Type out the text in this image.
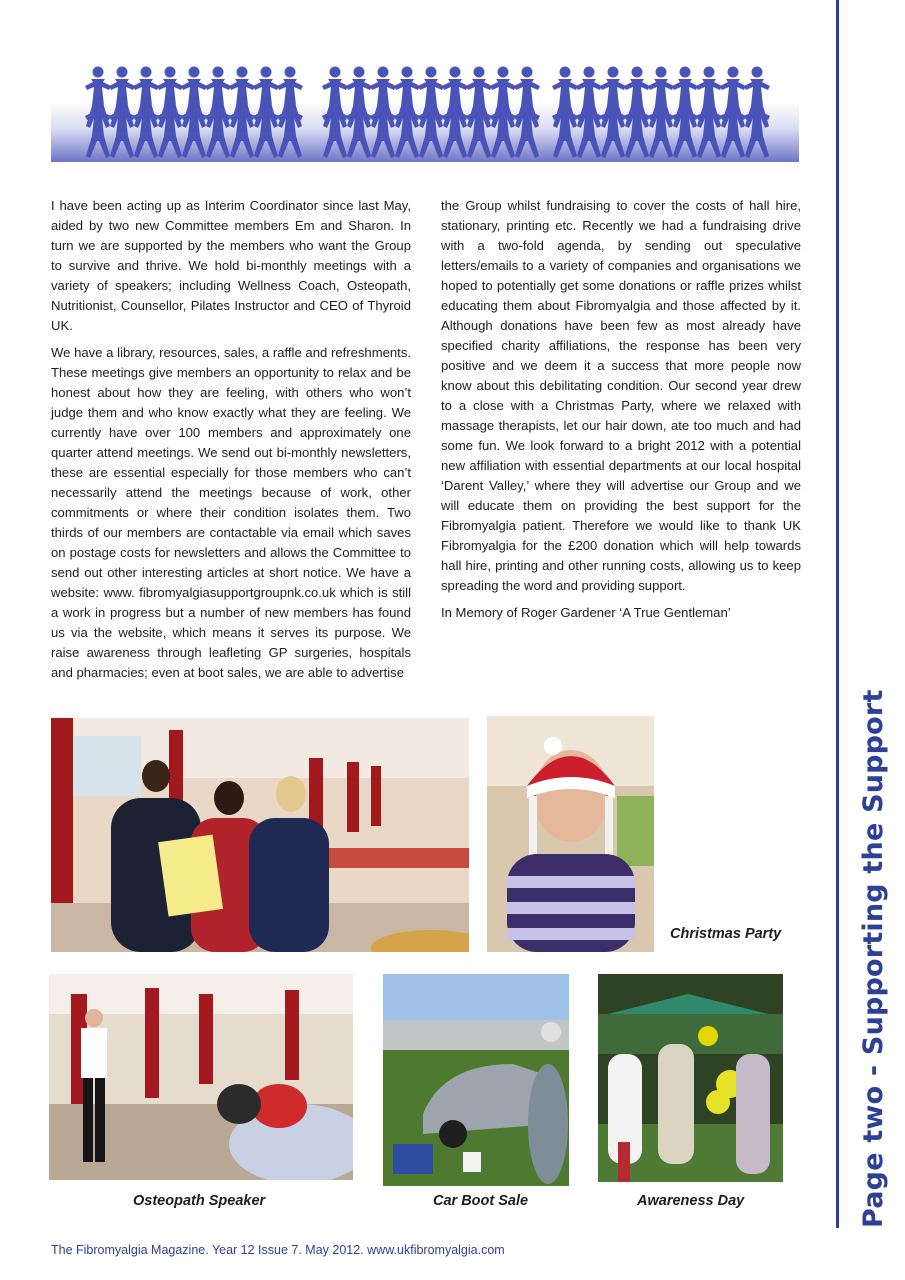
Page two - Supporting the Support

I have been acting up as Interim Coordinator since last May, aided by two new Committee members Em and Sharon. In turn we are supported by the members who want the Group to survive and thrive. We hold bi-monthly meetings with a variety of speakers; including Wellness Coach, Osteopath, Nutritionist, Counsellor, Pilates Instructor and CEO of Thyroid UK.

We have a library, resources, sales, a raffle and refreshments. These meetings give members an opportunity to relax and be honest about how they are feeling, with others who won’t judge them and who know exactly what they are feeling. We currently have over 100 members and approximately one quarter attend meetings. We send out bi-monthly newsletters, these are essential especially for those members who can’t necessarily attend the meetings because of work, other commitments or where their condition isolates them. Two thirds of our members are contactable via email which saves on postage costs for newsletters and allows the Committee to send out other interesting articles at short notice. We have a website: www. fibromyalgiasupportgroupnk.co.uk which is still a work in progress but a number of new members has found us via the website, which means it serves its purpose. We raise awareness through leafleting GP surgeries, hospitals and pharmacies; even at boot sales, we are able to advertise

the Group whilst fundraising to cover the costs of hall hire, stationary, printing etc. Recently we had a fundraising drive with a two-fold agenda, by sending out speculative letters/emails to a variety of companies and organisations we hoped to potentially get some donations or raffle prizes whilst educating them about Fibromyalgia and those affected by it. Although donations have been few as most already have specified charity affiliations, the response has been very positive and we deem it a success that more people now know about this debilitating condition. Our second year drew to a close with a Christmas Party, where we relaxed with massage therapists, let our hair down, ate too much and had some fun. We look forward to a bright 2012 with a potential new affiliation with essential departments at our local hospital ‘Darent Valley,’ where they will advertise our Group and we will educate them on providing the best support for the Fibromyalgia patient. Therefore we would like to thank UK Fibromyalgia for the £200 donation which will help towards hall hire, printing and other running costs, allowing us to keep spreading the word and providing support.

In Memory of Roger Gardener ‘A True Gentleman’

Christmas Party
Osteopath Speaker	Car Boot Sale	Awareness Day
The Fibromyalgia Magazine. Year 12 Issue 7. May 2012. www.ukfibromyalgia.com
